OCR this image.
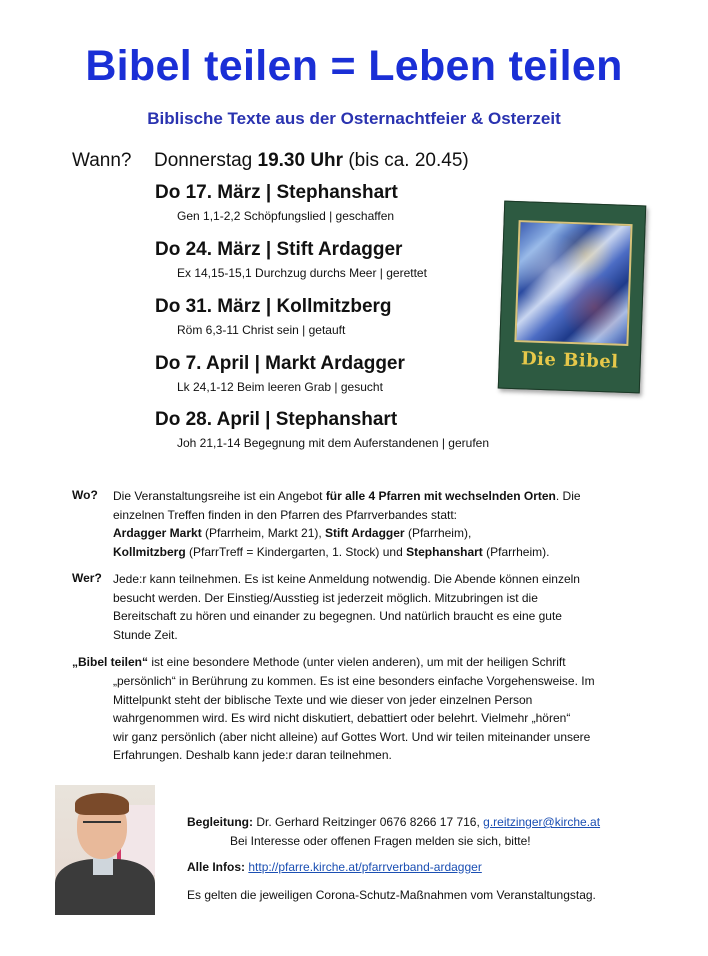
Bibel teilen = Leben teilen
Biblische Texte aus der Osternachtfeier & Osterzeit
Wann? Donnerstag 19.30 Uhr (bis ca. 20.45)
Do 17. März | Stephanshart
Gen 1,1-2,2 Schöpfungslied | geschaffen
Do 24. März | Stift Ardagger
Ex 14,15-15,1 Durchzug durchs Meer | gerettet
Do 31. März | Kollmitzberg
Röm 6,3-11 Christ sein | getauft
Do 7. April | Markt Ardagger
Lk 24,1-12 Beim leeren Grab | gesucht
Do 28. April | Stephanshart
Joh 21,1-14 Begegnung mit dem Auferstandenen | gerufen
Die Bibel
Wo? Die Veranstaltungsreihe ist ein Angebot für alle 4 Pfarren mit wechselnden Orten. Die
einzelnen Treffen finden in den Pfarren des Pfarrverbandes statt:
Ardagger Markt (Pfarrheim, Markt 21), Stift Ardagger (Pfarrheim),
Kollmitzberg (PfarrTreff = Kindergarten, 1. Stock) und Stephanshart (Pfarrheim).
Wer? Jede:r kann teilnehmen. Es ist keine Anmeldung notwendig. Die Abende können einzeln
besucht werden. Der Einstieg/Ausstieg ist jederzeit möglich. Mitzubringen ist die
Bereitschaft zu hören und einander zu begegnen. Und natürlich braucht es eine gute
Stunde Zeit.
„Bibel teilen“ ist eine besondere Methode (unter vielen anderen), um mit der heiligen Schrift
„persönlich“ in Berührung zu kommen. Es ist eine besonders einfache Vorgehensweise. Im
Mittelpunkt steht der biblische Texte und wie dieser von jeder einzelnen Person
wahrgenommen wird. Es wird nicht diskutiert, debattiert oder belehrt. Vielmehr „hören“
wir ganz persönlich (aber nicht alleine) auf Gottes Wort. Und wir teilen miteinander unsere
Erfahrungen. Deshalb kann jede:r daran teilnehmen.
Begleitung: Dr. Gerhard Reitzinger 0676 8266 17 716, g.reitzinger@kirche.at
Bei Interesse oder offenen Fragen melden sie sich, bitte!
Alle Infos: http://pfarre.kirche.at/pfarrverband-ardagger
Es gelten die jeweiligen Corona-Schutz-Maßnahmen vom Veranstaltungstag.
